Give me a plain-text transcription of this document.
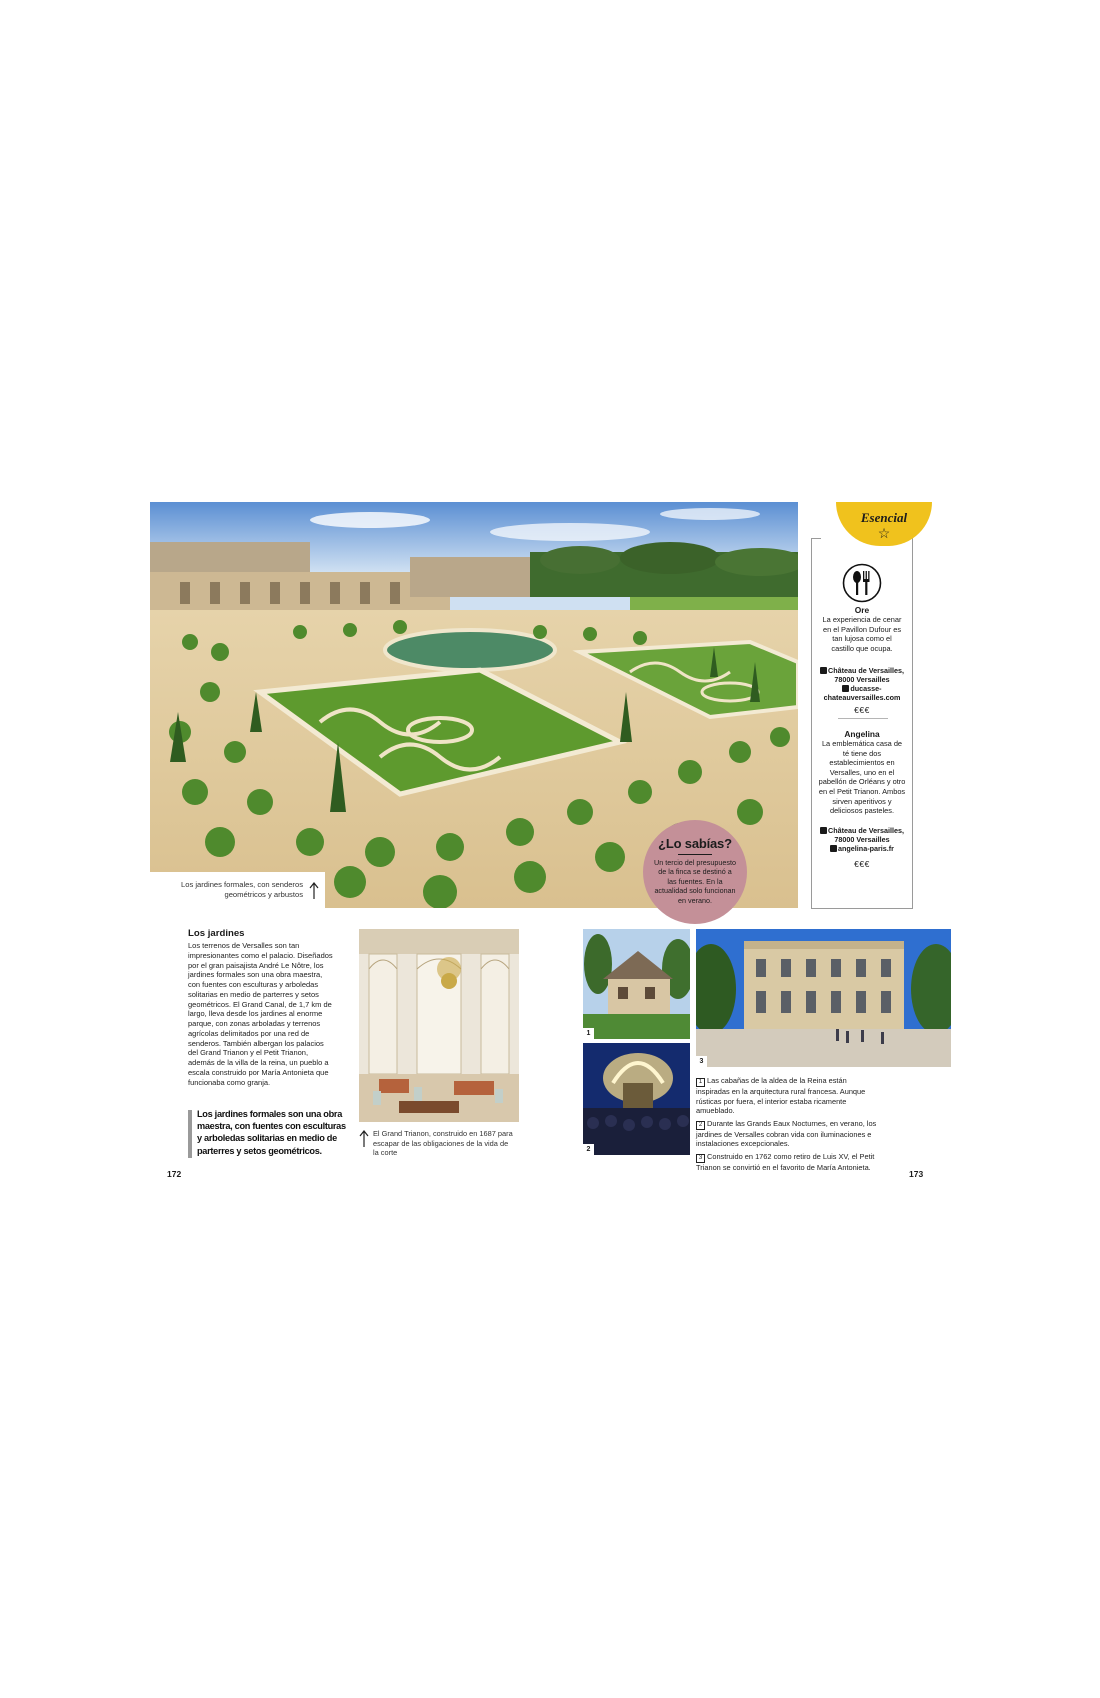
Los jardines formales, con senderos geométricos y arbustos
¿Lo sabías?
Un tercio del presupuesto de la finca se destinó a las fuentes. En la actualidad solo funcionan en verano.
Esencial
☆
Ore
La experiencia de cenar en el Pavillon Dufour es tan lujosa como el castillo que ocupa.
Château de Versailles, 78000 Versailles
ducasse-chateauversailles.com
€€€
Angelina
La emblemática casa de té tiene dos establecimientos en Versalles, uno en el pabellón de Orléans y otro en el Petit Trianon. Ambos sirven aperitivos y deliciosos pasteles.
Château de Versailles, 78000 Versailles
angelina-paris.fr
€€€
Los jardines
Los terrenos de Versalles son tan impresionantes como el palacio. Diseñados por el gran paisajista André Le Nôtre, los jardines formales son una obra maestra, con fuentes con esculturas y arboledas solitarias en medio de parterres y setos geométricos. El Grand Canal, de 1,7 km de largo, lleva desde los jardines al enorme parque, con zonas arboladas y terrenos agrícolas delimitados por una red de senderos. También albergan los palacios del Grand Trianon y el Petit Trianon, además de la villa de la reina, un pueblo a escala construido por María Antonieta que funcionaba como granja.
Los jardines formales son una obra maestra, con fuentes con esculturas y arboledas solitarias en medio de parterres y setos geométricos.
El Grand Trianon, construido en 1687 para escapar de las obligaciones de la vida de la corte
1
2
3

1 Las cabañas de la aldea de la Reina están inspiradas en la arquitectura rural francesa. Aunque rústicas por fuera, el interior estaba ricamente amueblado.

2 Durante las Grands Eaux Nocturnes, en verano, los jardines de Versalles cobran vida con iluminaciones e instalaciones excepcionales.

3 Construido en 1762 como retiro de Luis XV, el Petit Trianon se convirtió en el favorito de María Antonieta.

172	173
